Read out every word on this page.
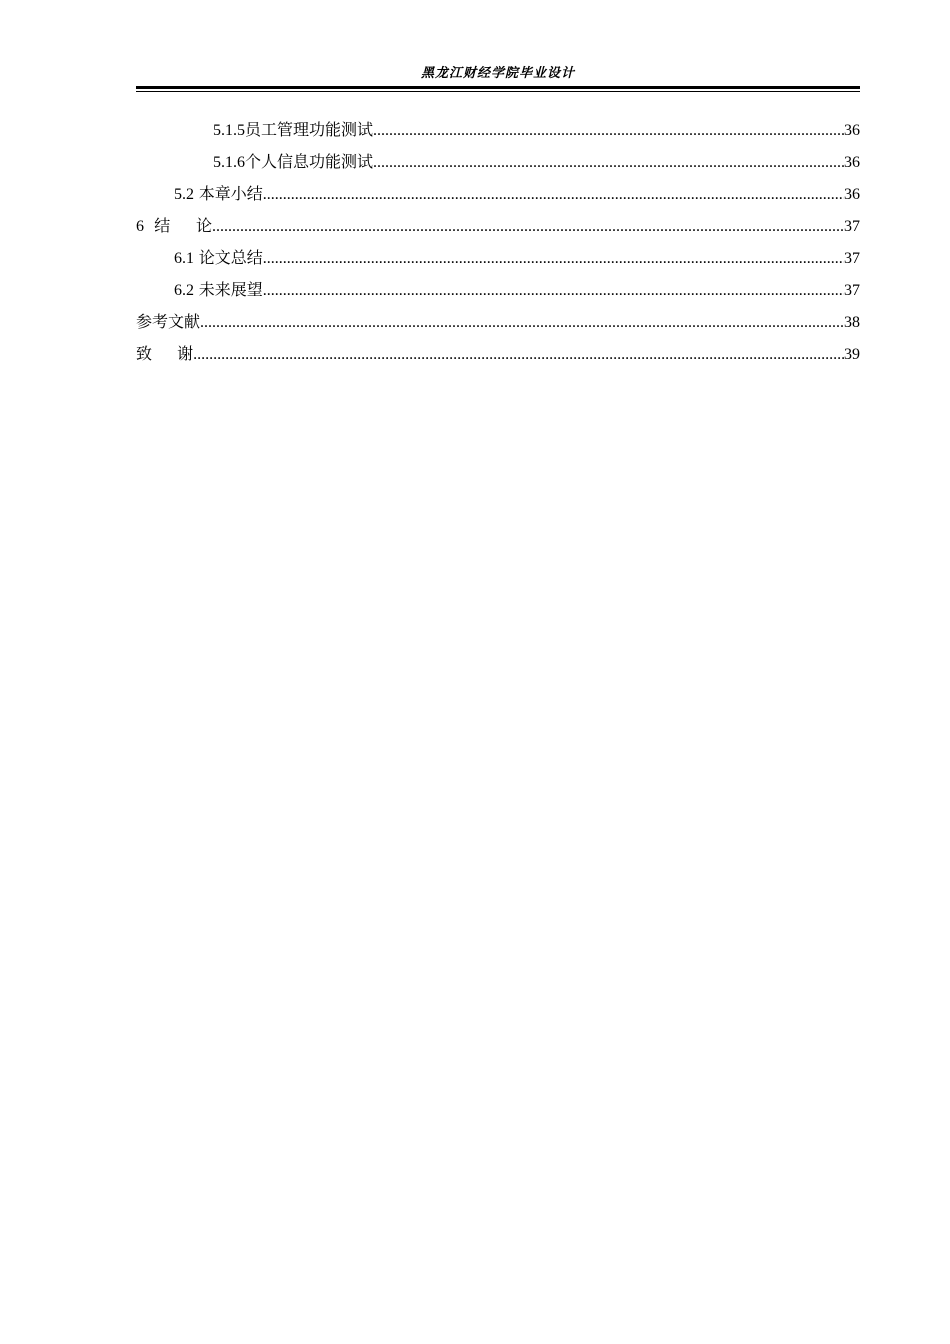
黑龙江财经学院毕业设计
5.1.5 员工管理功能测试 .....	36
5.1.6 个人信息功能测试 .....	36
5.2 本章小结 .....	36
6 结 论 .....	37
6.1 论文总结 .....	37
6.2 未来展望 .....	37
参考文献 .....	38
致 谢 .....	39
